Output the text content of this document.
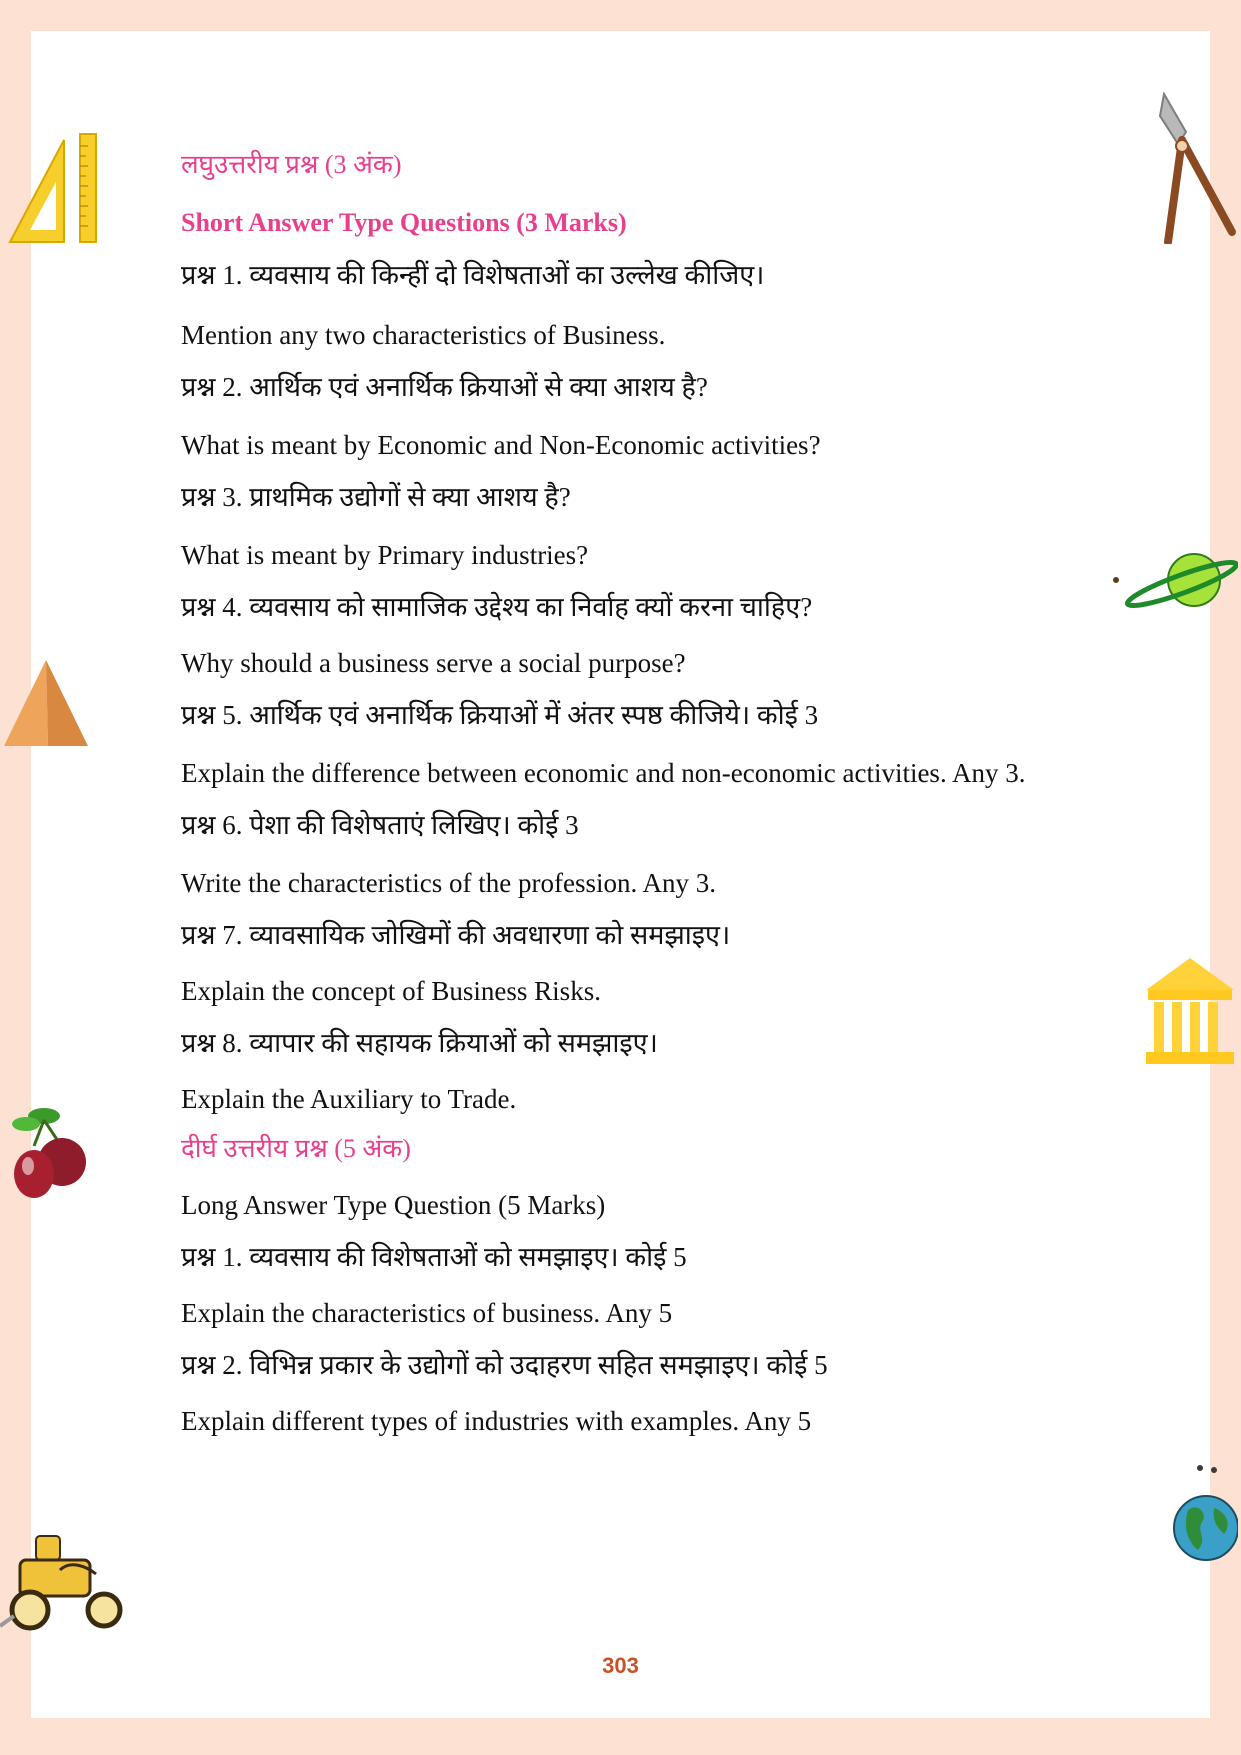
लघुउत्तरीय प्रश्न (3 अंक)
Short Answer Type Questions (3 Marks)
प्रश्न 1. व्यवसाय की किन्हीं दो विशेषताओं का उल्लेख कीजिए।
Mention any two characteristics of Business.
प्रश्न 2. आर्थिक एवं अनार्थिक क्रियाओं से क्या आशय है?
What is meant by Economic and Non-Economic activities?
प्रश्न 3. प्राथमिक उद्योगों से क्या आशय है?
What is meant by Primary industries?
प्रश्न 4. व्यवसाय को सामाजिक उद्देश्य का निर्वाह क्यों करना चाहिए?
Why should a business serve a social purpose?
प्रश्न 5. आर्थिक एवं अनार्थिक क्रियाओं में अंतर स्पष्ठ कीजिये। कोई 3
Explain the difference between economic and non-economic activities. Any 3.
प्रश्न 6. पेशा की विशेषताएं लिखिए। कोई 3
Write the characteristics of the profession. Any 3.
प्रश्न 7. व्यावसायिक जोखिमों की अवधारणा को समझाइए।
Explain the concept of Business Risks.
प्रश्न 8. व्यापार की सहायक क्रियाओं को समझाइए।
Explain the Auxiliary to Trade.
दीर्घ उत्तरीय प्रश्न (5 अंक)
Long Answer Type Question (5 Marks)
प्रश्न 1. व्यवसाय की विशेषताओं को समझाइए। कोई 5
Explain the characteristics of business. Any 5
प्रश्न 2. विभिन्न प्रकार के उद्योगों को उदाहरण सहित समझाइए। कोई 5
Explain different types of industries with examples. Any 5
303
